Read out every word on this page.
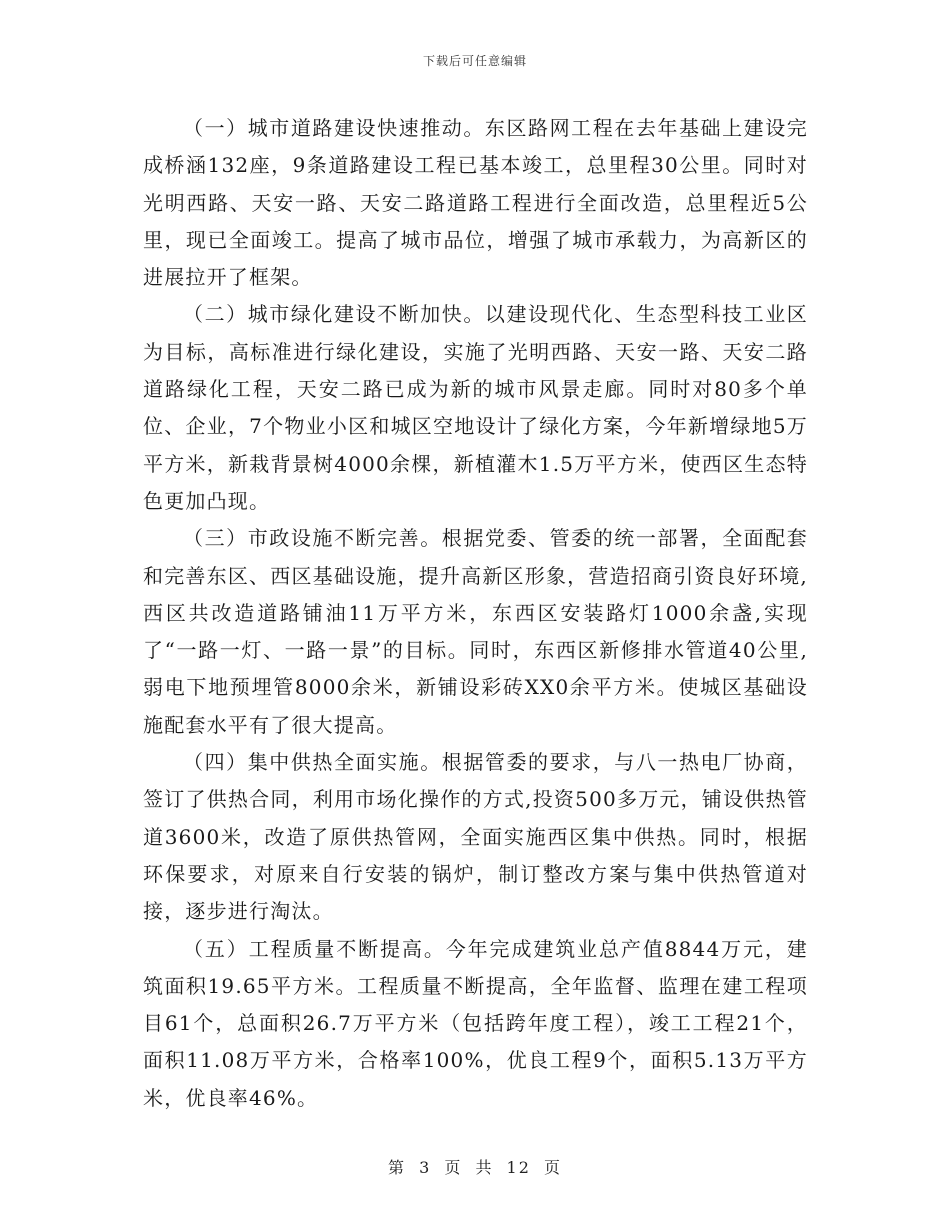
下载后可任意编辑

（一）城市道路建设快速推动。东区路网工程在去年基础上建设完成桥涵132座，9条道路建设工程已基本竣工，总里程30公里。同时对光明西路、天安一路、天安二路道路工程进行全面改造，总里程近5公里，现已全面竣工。提高了城市品位，增强了城市承载力，为高新区的进展拉开了框架。

（二）城市绿化建设不断加快。以建设现代化、生态型科技工业区为目标，高标准进行绿化建设，实施了光明西路、天安一路、天安二路道路绿化工程，天安二路已成为新的城市风景走廊。同时对80多个单位、企业，7个物业小区和城区空地设计了绿化方案，今年新增绿地5万平方米，新栽背景树4000余棵，新植灌木1.5万平方米，使西区生态特色更加凸现。

（三）市政设施不断完善。根据党委、管委的统一部署，全面配套和完善东区、西区基础设施，提升高新区形象，营造招商引资良好环境,西区共改造道路铺油11万平方米，东西区安装路灯1000余盏,实现了“一路一灯、一路一景”的目标。同时，东西区新修排水管道40公里,弱电下地预埋管8000余米，新铺设彩砖XX0余平方米。使城区基础设施配套水平有了很大提高。

（四）集中供热全面实施。根据管委的要求，与八一热电厂协商，签订了供热合同，利用市场化操作的方式,投资500多万元，铺设供热管道3600米，改造了原供热管网，全面实施西区集中供热。同时，根据环保要求，对原来自行安装的锅炉，制订整改方案与集中供热管道对接，逐步进行淘汰。

（五）工程质量不断提高。今年完成建筑业总产值8844万元，建筑面积19.65平方米。工程质量不断提高，全年监督、监理在建工程项目61个，总面积26.7万平方米（包括跨年度工程），竣工工程21个，面积11.08万平方米，合格率100%，优良工程9个，面积5.13万平方米，优良率46%。

第 3 页 共 12 页
